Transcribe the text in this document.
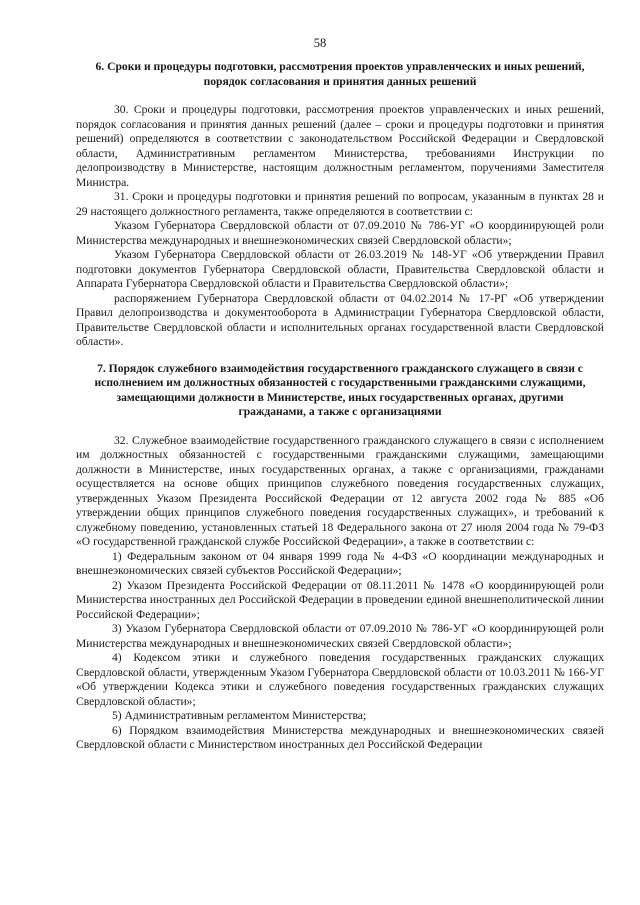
58
6. Сроки и процедуры подготовки, рассмотрения проектов управленческих и иных решений, порядок согласования и принятия данных решений

30. Сроки и процедуры подготовки, рассмотрения проектов управленческих и иных решений, порядок согласования и принятия данных решений (далее – сроки и процедуры подготовки и принятия решений) определяются в соответствии с законодательством Российской Федерации и Свердловской области, Административным регламентом Министерства, требованиями Инструкции по делопроизводству в Министерстве, настоящим должностным регламентом, поручениями Заместителя Министра.

31. Сроки и процедуры подготовки и принятия решений по вопросам, указанным в пунктах 28 и 29 настоящего должностного регламента, также определяются в соответствии с:

Указом Губернатора Свердловской области от 07.09.2010 № 786-УГ «О координирующей роли Министерства международных и внешнеэкономических связей Свердловской области»;

Указом Губернатора Свердловской области от 26.03.2019 № 148-УГ «Об утверждении Правил подготовки документов Губернатора Свердловской области, Правительства Свердловской области и Аппарата Губернатора Свердловской области и Правительства Свердловской области»;

распоряжением Губернатора Свердловской области от 04.02.2014 № 17-РГ «Об утверждении Правил делопроизводства и документооборота в Администрации Губернатора Свердловской области, Правительстве Свердловской области и исполнительных органах государственной власти Свердловской области».

7. Порядок служебного взаимодействия государственного гражданского служащего в связи с исполнением им должностных обязанностей с государственными гражданскими служащими, замещающими должности в Министерстве, иных государственных органах, другими гражданами, а также с организациями

32. Служебное взаимодействие государственного гражданского служащего в связи с исполнением им должностных обязанностей с государственными гражданскими служащими, замещающими должности в Министерстве, иных государственных органах, а также с организациями, гражданами осуществляется на основе общих принципов служебного поведения государственных служащих, утвержденных Указом Президента Российской Федерации от 12 августа 2002 года № 885 «Об утверждении общих принципов служебного поведения государственных служащих», и требований к служебному поведению, установленных статьей 18 Федерального закона от 27 июля 2004 года № 79-ФЗ «О государственной гражданской службе Российской Федерации», а также в соответствии с:

1) Федеральным законом от 04 января 1999 года № 4-ФЗ «О координации международных и внешнеэкономических связей субъектов Российской Федерации»;

2) Указом Президента Российской Федерации от 08.11.2011 № 1478 «О координирующей роли Министерства иностранных дел Российской Федерации в проведении единой внешнеполитической линии Российской Федерации»;

3) Указом Губернатора Свердловской области от 07.09.2010 № 786-УГ «О координирующей роли Министерства международных и внешнеэкономических связей Свердловской области»;

4) Кодексом этики и служебного поведения государственных гражданских служащих Свердловской области, утвержденным Указом Губернатора Свердловской области от 10.03.2011 № 166-УГ «Об утверждении Кодекса этики и служебного поведения государственных гражданских служащих Свердловской области»;

5) Административным регламентом Министерства;

6) Порядком взаимодействия Министерства международных и внешнеэкономических связей Свердловской области с Министерством иностранных дел Российской Федерации
